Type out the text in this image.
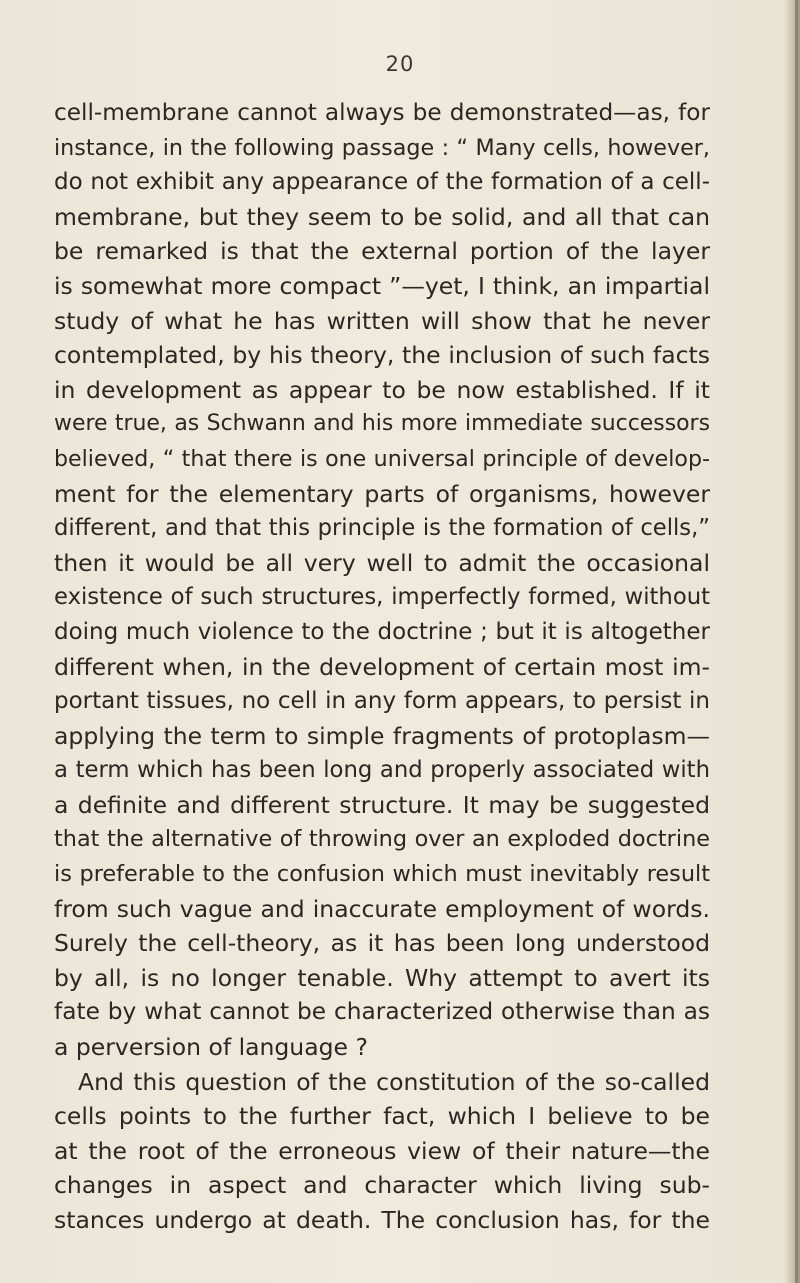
20
cell-membrane cannot always be demonstrated—as, for
instance, in the following passage : “ Many cells, however,
do not exhibit any appearance of the formation of a cell-
membrane, but they seem to be solid, and all that can
be remarked is that the external portion of the layer
is somewhat more compact ”—yet, I think, an impartial
study of what he has written will show that he never
contemplated, by his theory, the inclusion of such facts
in development as appear to be now established. If it
were true, as Schwann and his more immediate successors
believed, “ that there is one universal principle of develop-
ment for the elementary parts of organisms, however
different, and that this principle is the formation of cells,”
then it would be all very well to admit the occasional
existence of such structures, imperfectly formed, without
doing much violence to the doctrine ; but it is altogether
different when, in the development of certain most im-
portant tissues, no cell in any form appears, to persist in
applying the term to simple fragments of protoplasm—
a term which has been long and properly associated with
a definite and different structure. It may be suggested
that the alternative of throwing over an exploded doctrine
is preferable to the confusion which must inevitably result
from such vague and inaccurate employment of words.
Surely the cell-theory, as it has been long understood
by all, is no longer tenable. Why attempt to avert its
fate by what cannot be characterized otherwise than as
a perversion of language ?
And this question of the constitution of the so-called
cells points to the further fact, which I believe to be
at the root of the erroneous view of their nature—the
changes in aspect and character which living sub-
stances undergo at death. The conclusion has, for the
